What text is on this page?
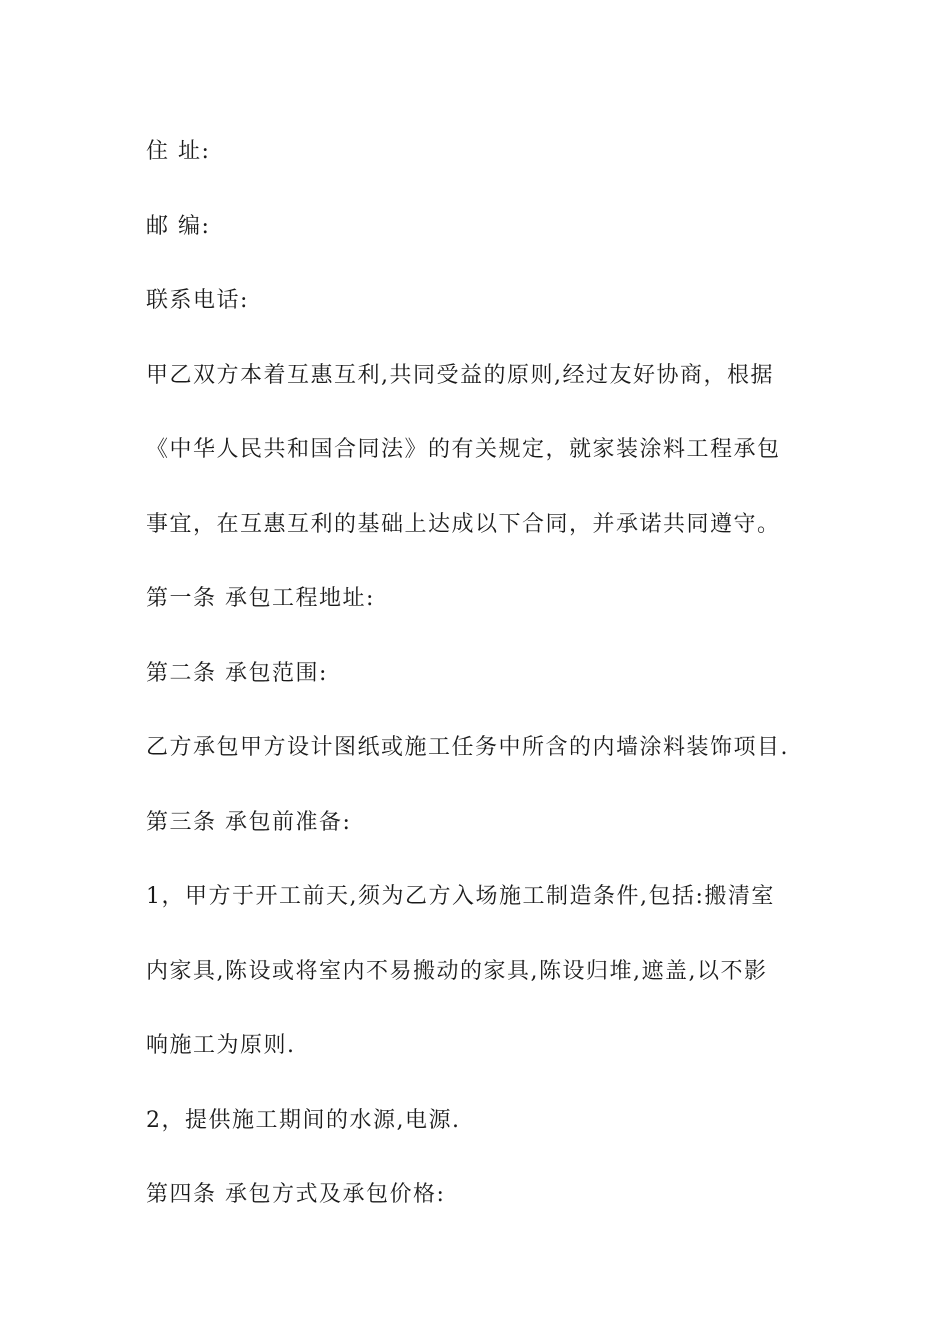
住 址:
邮 编:
联系电话:
甲乙双方本着互惠互利,共同受益的原则,经过友好协商，根据
《中华人民共和国合同法》的有关规定，就家装涂料工程承包
事宜，在互惠互利的基础上达成以下合同，并承诺共同遵守。
第一条 承包工程地址:
第二条 承包范围:
乙方承包甲方设计图纸或施工任务中所含的内墙涂料装饰项目.
第三条 承包前准备:
1，甲方于开工前天,须为乙方入场施工制造条件,包括:搬清室
内家具,陈设或将室内不易搬动的家具,陈设归堆,遮盖,以不影
响施工为原则.
2，提供施工期间的水源,电源.
第四条 承包方式及承包价格:
